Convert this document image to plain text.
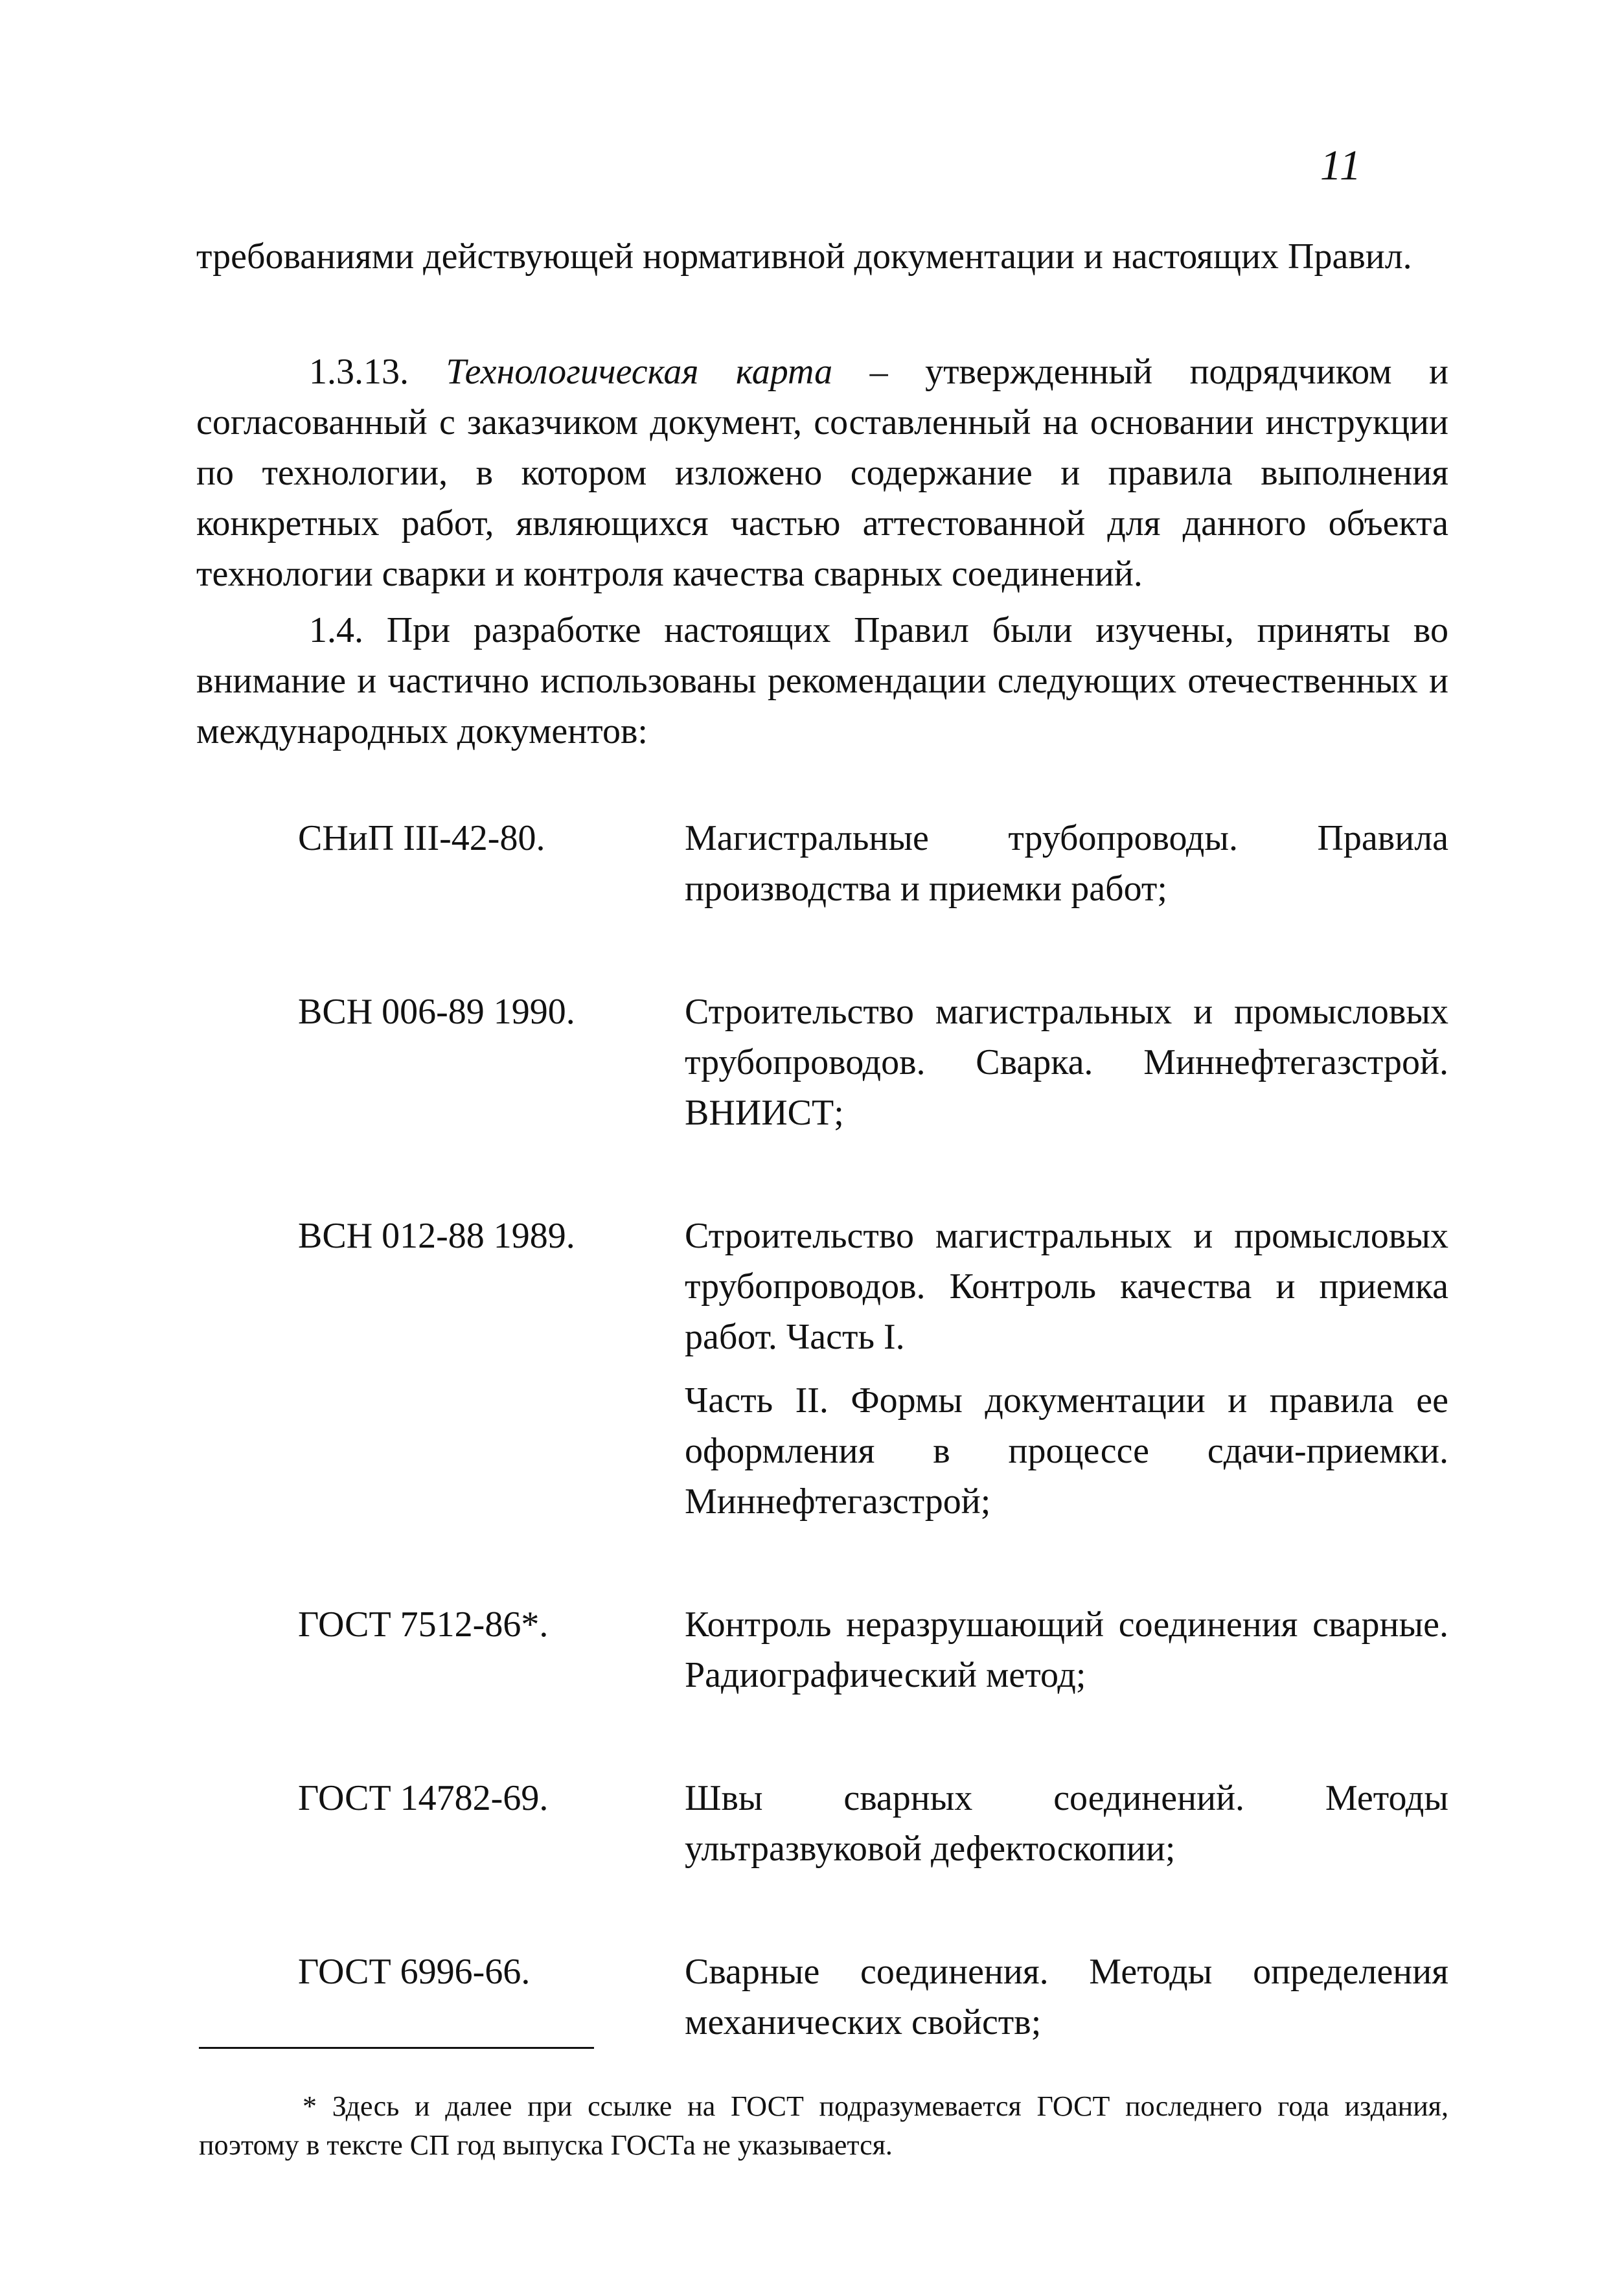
11

требованиями действующей нормативной документации и настоящих Правил.

1.3.13. Технологическая карта – утвержденный подрядчиком и согласованный с заказчиком документ, составленный на основании инструкции по технологии, в котором изложено содержание и правила выполнения конкретных работ, являющихся частью аттестованной для данного объекта технологии сварки и контроля качества сварных соединений.

1.4. При разработке настоящих Правил были изучены, приняты во внимание и частично использованы рекомендации следующих отечественных и международных документов:

СНиП III-42-80.	Магистральные трубопроводы. Правила производства и приемки работ;

ВСН 006-89 1990.	Строительство магистральных и промысловых трубопроводов. Сварка. Миннефтегазстрой. ВНИИСТ;

ВСН 012-88 1989.	Строительство магистральных и промысловых трубопроводов. Контроль качества и приемка работ. Часть I.

Часть II. Формы документации и правила ее оформления в процессе сдачи-приемки. Миннефтегазстрой;

ГОСТ 7512-86*.	Контроль неразрушающий соединения сварные. Радиографический метод;

ГОСТ 14782-69.	Швы сварных соединений. Методы ультразвуковой дефектоскопии;

ГОСТ 6996-66.	Сварные соединения. Методы определения механических свойств;

* Здесь и далее при ссылке на ГОСТ подразумевается ГОСТ последнего года издания, поэтому в тексте СП год выпуска ГОСТа не указывается.
